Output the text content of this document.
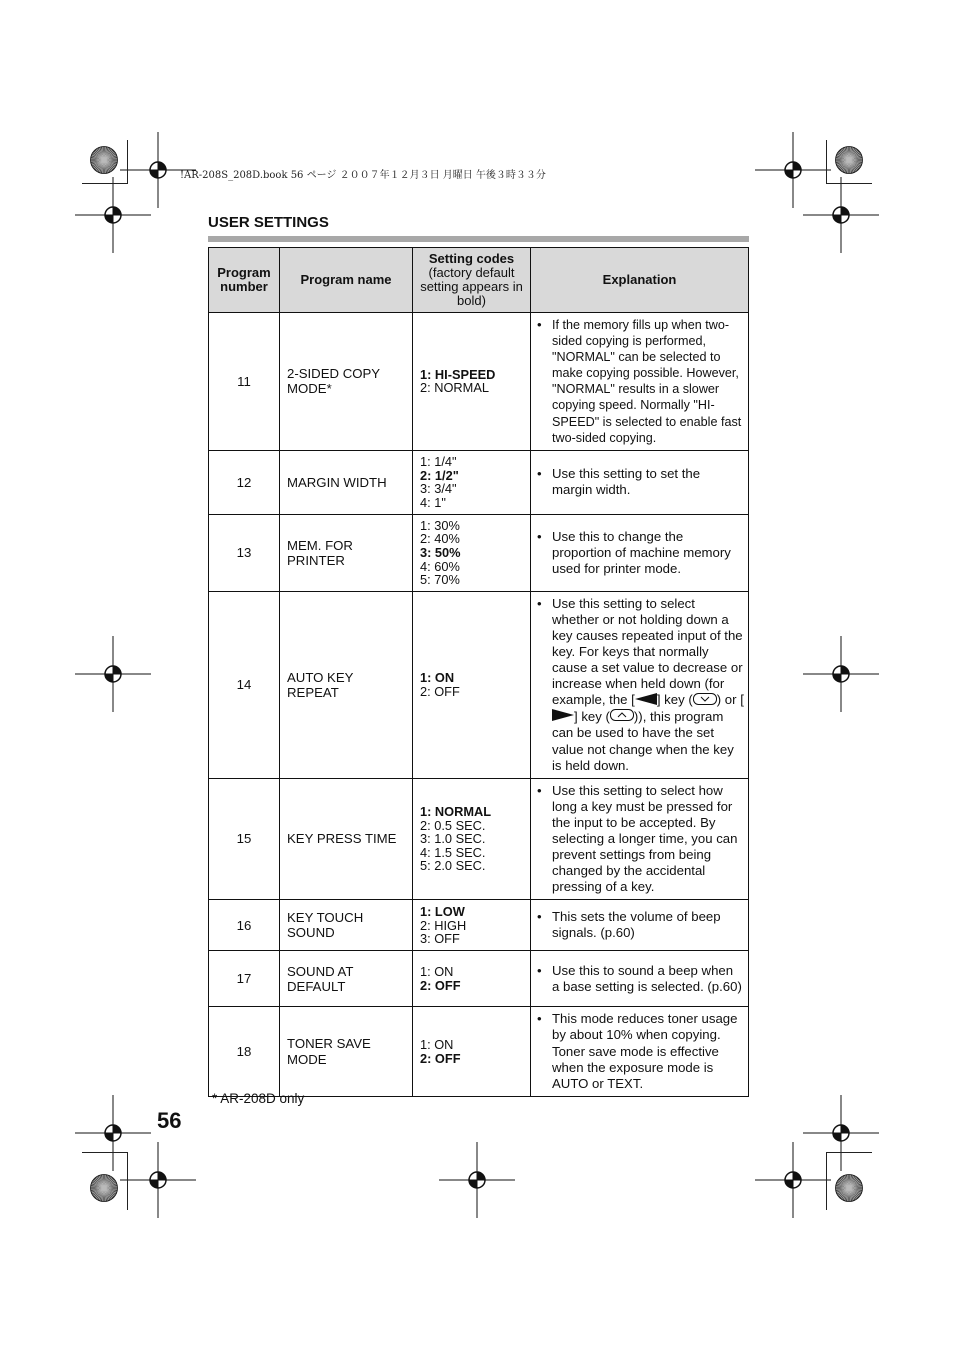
!AR-208S_208D.book 56 ページ ２００７年１２月３日 月曜日 午後３時３３分
USER SETTINGS
Program number	Program name	Setting codes
(factory default setting appears in bold)	Explanation

11	2-SIDED COPY MODE*	1: HI-SPEED
2: NORMAL	• If the memory fills up when two-sided copying is performed, "NORMAL" can be selected to make copying possible. However, "NORMAL" results in a slower copying speed. Normally "HI-SPEED" is selected to enable fast two-sided copying.

12	MARGIN WIDTH	1: 1/4"
2: 1/2"
3: 3/4"
4: 1"	• Use this setting to set the margin width.

13	MEM. FOR PRINTER	1: 30%
2: 40%
3: 50%
4: 60%
5: 70%	• Use this to change the proportion of machine memory used for printer mode.

14	AUTO KEY REPEAT	1: ON
2: OFF	• Use this setting to select whether or not holding down a key causes repeated input of the key. For keys that normally cause a set value to decrease or increase when held down (for example, the [ ] key ( ) or [] key ( )), this program can be used to have the set value not change when the key is held down.

15	KEY PRESS TIME	1: NORMAL
2: 0.5 SEC.
3: 1.0 SEC.
4: 1.5 SEC.
5: 2.0 SEC.	• Use this setting to select how long a key must be pressed for the input to be accepted. By selecting a longer time, you can prevent settings from being changed by the accidental pressing of a key.

16	KEY TOUCH SOUND	1: LOW
2: HIGH
3: OFF	• This sets the volume of beep signals. (p.60)

17	SOUND AT DEFAULT	1: ON
2: OFF	• Use this to sound a beep when a base setting is selected. (p.60)

18	TONER SAVE MODE	1: ON
2: OFF	• This mode reduces toner usage by about 10% when copying. Toner save mode is effective when the exposure mode is AUTO or TEXT.
* AR-208D only
56
